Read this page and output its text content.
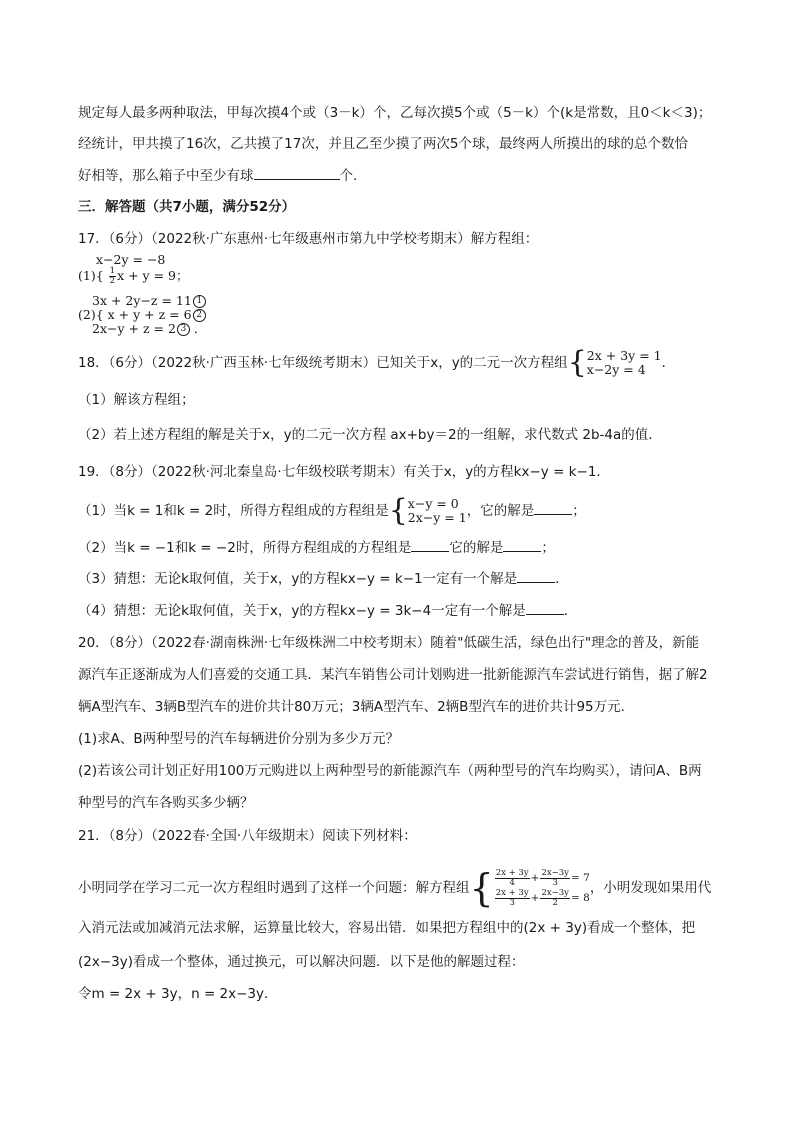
规定每人最多两种取法，甲每次摸4个或（3－k）个，乙每次摸5个或（5－k）个(k是常数，且0＜k＜3)；
经统计，甲共摸了16次，乙共摸了17次，并且乙至少摸了两次5个球，最终两人所摸出的球的总个数恰
好相等，那么箱子中至少有球	个.
三．解答题（共7小题，满分52分）
17．（6分）（2022秋·广东惠州·七年级惠州市第九中学校考期末）解方程组：
x−2y = −8
$(1)\{ \frac{1}{2}$ x + y = 9；
3x + 2y−z = 11 1
(2){ x + y + z = 6 2
2x−y + z = 2 3 ．
18．（6分）（2022秋·广西玉林·七年级统考期末）已知关于x，y的二元一次方程组{ 2x + 3y = 1
x−2y = 4	．
（1）解该方程组；
（2）若上述方程组的解是关于x，y的二元一次方程 ax+by＝2的一组解，求代数式 2b-4a的值．
19．（8分）（2022秋·河北秦皇岛·七年级校联考期末）有关于x，y的方程kx−y = k−1．
（1）当k = 1和k = 2时，所得方程组成的方程组是{ x−y = 0
2x−y = 1 ，它的解是	；
（2）当k = −1和k = −2时，所得方程组成的方程组是	它的解是	；
（3）猜想：无论k取何值，关于x，y的方程kx−y = k−1一定有一个解是	．
（4）猜想：无论k取何值，关于x，y的方程kx−y = 3k−4一定有一个解是	．
20．（8分）（2022春·湖南株洲·七年级株洲二中校考期末）随着"低碳生活，绿色出行"理念的普及，新能
源汽车正逐渐成为人们喜爱的交通工具．某汽车销售公司计划购进一批新能源汽车尝试进行销售，据了解2
辆A型汽车、3辆B型汽车的进价共计80万元；3辆A型汽车、2辆B型汽车的进价共计95万元．
(1)求A、B两种型号的汽车每辆进价分别为多少万元？
(2)若该公司计划正好用100万元购进以上两种型号的新能源汽车（两种型号的汽车均购买），请问A、B两
种型号的汽车各购买多少辆？
21．（8分）（2022春·全国·八年级期末）阅读下列材料：
小明同学在学习二元一次方程组时遇到了这样一个问题：解方程组{ $\frac{2x + 3y}{4} + \frac{2x-3y}{3} = 7$
$\frac{2x + 3y}{3} + \frac{2x-3y}{2} = 8$
，小明发现如果用代
入消元法或加减消元法求解，运算量比较大，容易出错．如果把方程组中的(2x + 3y)看成一个整体，把
(2x−3y)看成一个整体，通过换元，可以解决问题．以下是他的解题过程：
令m = 2x + 3y，n = 2x−3y．
